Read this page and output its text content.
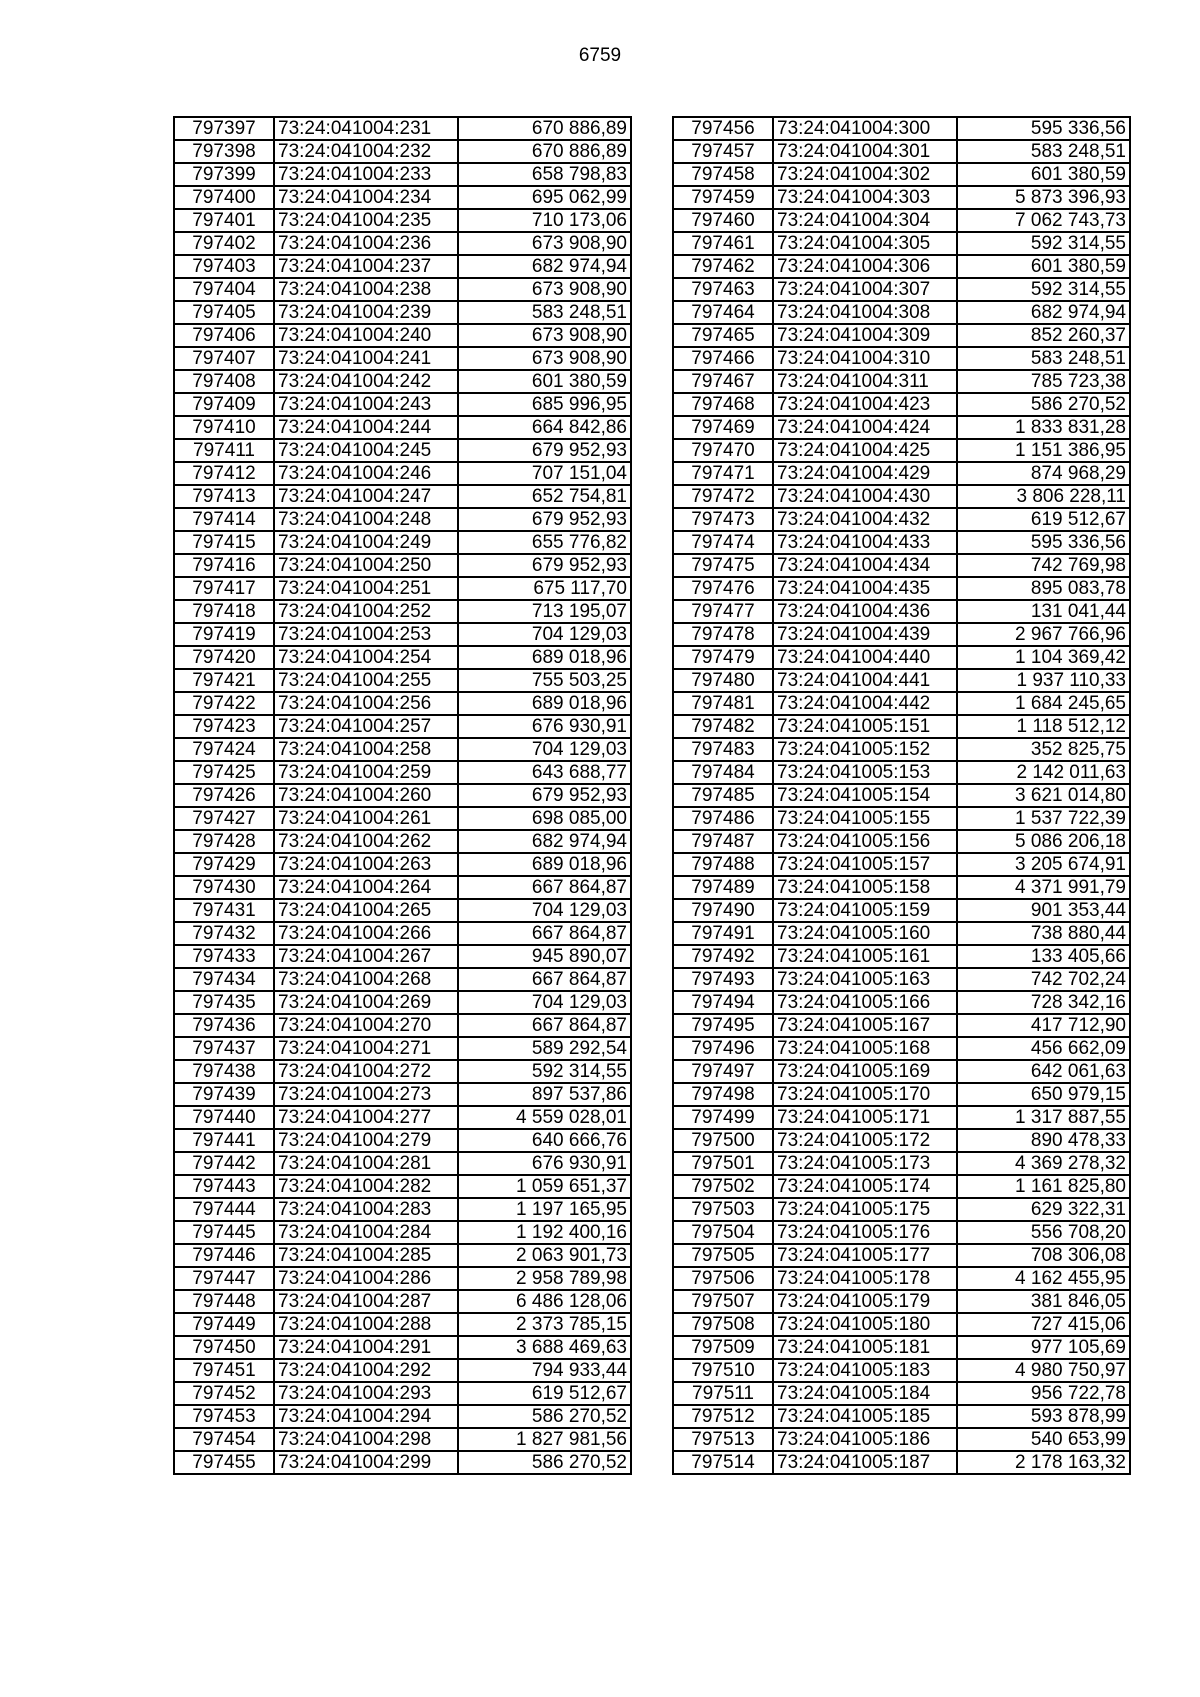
6759
797397	73:24:041004:231	670 886,89
797398	73:24:041004:232	670 886,89
797399	73:24:041004:233	658 798,83
797400	73:24:041004:234	695 062,99
797401	73:24:041004:235	710 173,06
797402	73:24:041004:236	673 908,90
797403	73:24:041004:237	682 974,94
797404	73:24:041004:238	673 908,90
797405	73:24:041004:239	583 248,51
797406	73:24:041004:240	673 908,90
797407	73:24:041004:241	673 908,90
797408	73:24:041004:242	601 380,59
797409	73:24:041004:243	685 996,95
797410	73:24:041004:244	664 842,86
797411	73:24:041004:245	679 952,93
797412	73:24:041004:246	707 151,04
797413	73:24:041004:247	652 754,81
797414	73:24:041004:248	679 952,93
797415	73:24:041004:249	655 776,82
797416	73:24:041004:250	679 952,93
797417	73:24:041004:251	675 117,70
797418	73:24:041004:252	713 195,07
797419	73:24:041004:253	704 129,03
797420	73:24:041004:254	689 018,96
797421	73:24:041004:255	755 503,25
797422	73:24:041004:256	689 018,96
797423	73:24:041004:257	676 930,91
797424	73:24:041004:258	704 129,03
797425	73:24:041004:259	643 688,77
797426	73:24:041004:260	679 952,93
797427	73:24:041004:261	698 085,00
797428	73:24:041004:262	682 974,94
797429	73:24:041004:263	689 018,96
797430	73:24:041004:264	667 864,87
797431	73:24:041004:265	704 129,03
797432	73:24:041004:266	667 864,87
797433	73:24:041004:267	945 890,07
797434	73:24:041004:268	667 864,87
797435	73:24:041004:269	704 129,03
797436	73:24:041004:270	667 864,87
797437	73:24:041004:271	589 292,54
797438	73:24:041004:272	592 314,55
797439	73:24:041004:273	897 537,86
797440	73:24:041004:277	4 559 028,01
797441	73:24:041004:279	640 666,76
797442	73:24:041004:281	676 930,91
797443	73:24:041004:282	1 059 651,37
797444	73:24:041004:283	1 197 165,95
797445	73:24:041004:284	1 192 400,16
797446	73:24:041004:285	2 063 901,73
797447	73:24:041004:286	2 958 789,98
797448	73:24:041004:287	6 486 128,06
797449	73:24:041004:288	2 373 785,15
797450	73:24:041004:291	3 688 469,63
797451	73:24:041004:292	794 933,44
797452	73:24:041004:293	619 512,67
797453	73:24:041004:294	586 270,52
797454	73:24:041004:298	1 827 981,56
797455	73:24:041004:299	586 270,52
797456	73:24:041004:300	595 336,56
797457	73:24:041004:301	583 248,51
797458	73:24:041004:302	601 380,59
797459	73:24:041004:303	5 873 396,93
797460	73:24:041004:304	7 062 743,73
797461	73:24:041004:305	592 314,55
797462	73:24:041004:306	601 380,59
797463	73:24:041004:307	592 314,55
797464	73:24:041004:308	682 974,94
797465	73:24:041004:309	852 260,37
797466	73:24:041004:310	583 248,51
797467	73:24:041004:311	785 723,38
797468	73:24:041004:423	586 270,52
797469	73:24:041004:424	1 833 831,28
797470	73:24:041004:425	1 151 386,95
797471	73:24:041004:429	874 968,29
797472	73:24:041004:430	3 806 228,11
797473	73:24:041004:432	619 512,67
797474	73:24:041004:433	595 336,56
797475	73:24:041004:434	742 769,98
797476	73:24:041004:435	895 083,78
797477	73:24:041004:436	131 041,44
797478	73:24:041004:439	2 967 766,96
797479	73:24:041004:440	1 104 369,42
797480	73:24:041004:441	1 937 110,33
797481	73:24:041004:442	1 684 245,65
797482	73:24:041005:151	1 118 512,12
797483	73:24:041005:152	352 825,75
797484	73:24:041005:153	2 142 011,63
797485	73:24:041005:154	3 621 014,80
797486	73:24:041005:155	1 537 722,39
797487	73:24:041005:156	5 086 206,18
797488	73:24:041005:157	3 205 674,91
797489	73:24:041005:158	4 371 991,79
797490	73:24:041005:159	901 353,44
797491	73:24:041005:160	738 880,44
797492	73:24:041005:161	133 405,66
797493	73:24:041005:163	742 702,24
797494	73:24:041005:166	728 342,16
797495	73:24:041005:167	417 712,90
797496	73:24:041005:168	456 662,09
797497	73:24:041005:169	642 061,63
797498	73:24:041005:170	650 979,15
797499	73:24:041005:171	1 317 887,55
797500	73:24:041005:172	890 478,33
797501	73:24:041005:173	4 369 278,32
797502	73:24:041005:174	1 161 825,80
797503	73:24:041005:175	629 322,31
797504	73:24:041005:176	556 708,20
797505	73:24:041005:177	708 306,08
797506	73:24:041005:178	4 162 455,95
797507	73:24:041005:179	381 846,05
797508	73:24:041005:180	727 415,06
797509	73:24:041005:181	977 105,69
797510	73:24:041005:183	4 980 750,97
797511	73:24:041005:184	956 722,78
797512	73:24:041005:185	593 878,99
797513	73:24:041005:186	540 653,99
797514	73:24:041005:187	2 178 163,32
